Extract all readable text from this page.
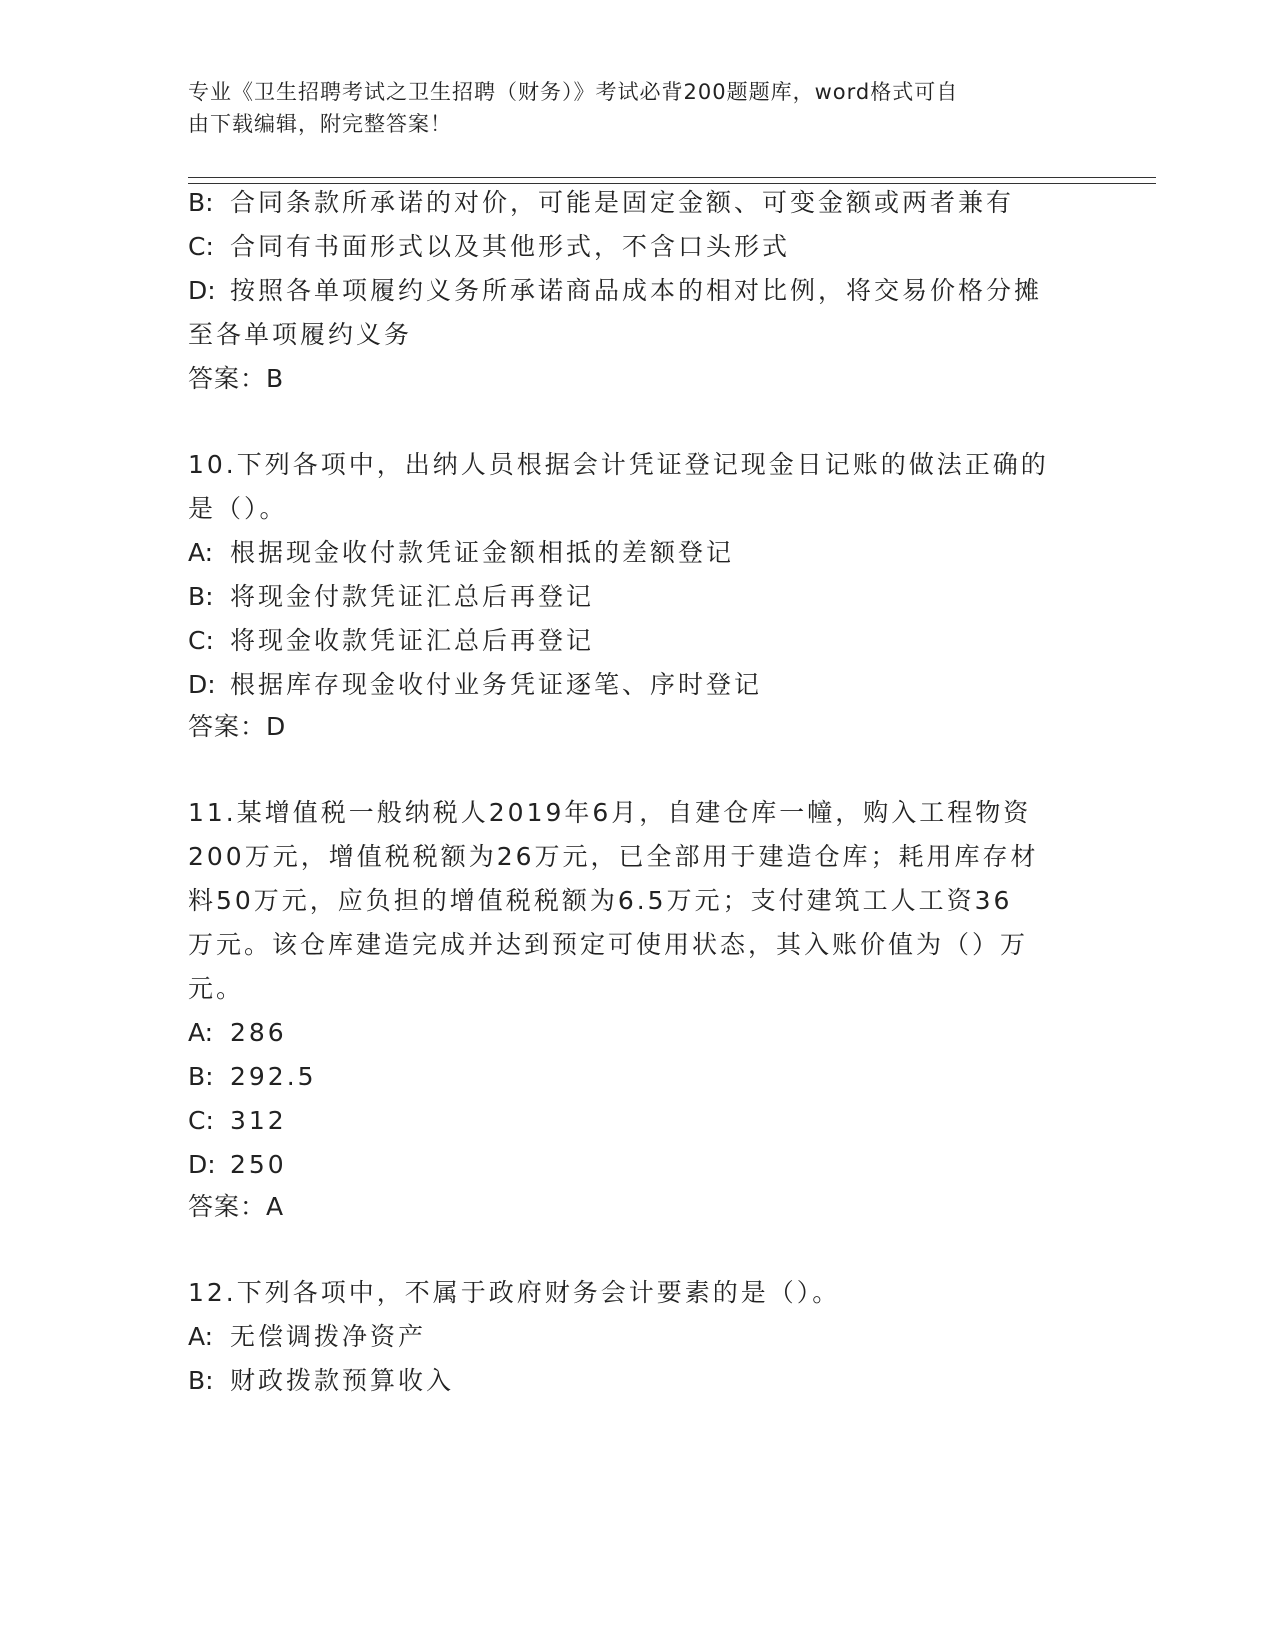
专业《卫生招聘考试之卫生招聘（财务）》考试必背200题题库，word格式可自
由下载编辑，附完整答案！
B: 合同条款所承诺的对价，可能是固定金额、可变金额或两者兼有
C: 合同有书面形式以及其他形式，不含口头形式
D: 按照各单项履约义务所承诺商品成本的相对比例，将交易价格分摊
至各单项履约义务
答案：B
10.下列各项中，出纳人员根据会计凭证登记现金日记账的做法正确的
是（）。
A: 根据现金收付款凭证金额相抵的差额登记
B: 将现金付款凭证汇总后再登记
C: 将现金收款凭证汇总后再登记
D: 根据库存现金收付业务凭证逐笔、序时登记
答案：D
11.某增值税一般纳税人2019年6月，自建仓库一幢，购入工程物资
200万元，增值税税额为26万元，已全部用于建造仓库；耗用库存材
料50万元，应负担的增值税税额为6.5万元；支付建筑工人工资36
万元。该仓库建造完成并达到预定可使用状态，其入账价值为（）万
元。
A: 286
B: 292.5
C: 312
D: 250
答案：A
12.下列各项中，不属于政府财务会计要素的是（）。
A: 无偿调拨净资产
B: 财政拨款预算收入
